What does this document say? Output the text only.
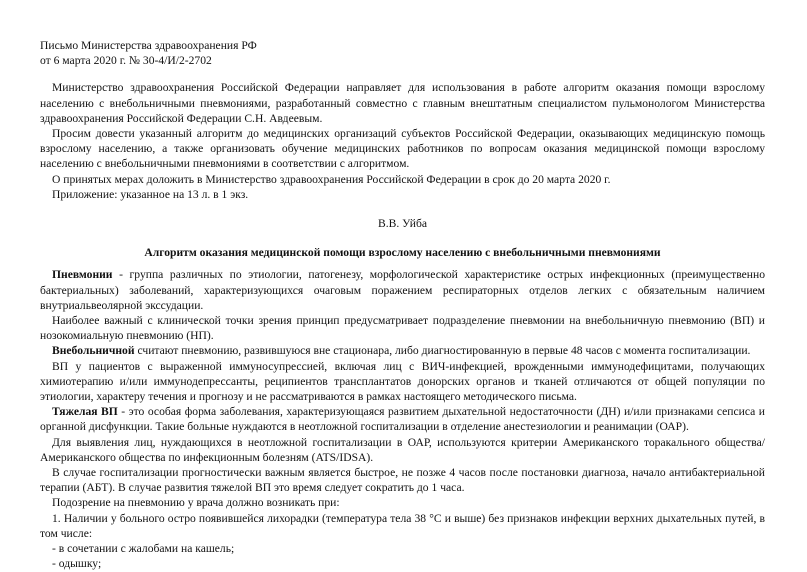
Письмо Министерства здравоохранения РФ

от 6 марта 2020 г. № 30-4/И/2-2702

Министерство здравоохранения Российской Федерации направляет для использования в работе алгоритм оказания помощи взрослому населению с внебольничными пневмониями, разработанный совместно с главным внештатным специалистом пульмонологом Министерства здравоохранения Российской Федерации С.Н. Авдеевым.

Просим довести указанный алгоритм до медицинских организаций субъектов Российской Федерации, оказывающих медицинскую помощь взрослому населению, а также организовать обучение медицинских работников по вопросам оказания медицинской помощи взрослому населению с внебольничными пневмониями в соответствии с алгоритмом.

О принятых мерах доложить в Министерство здравоохранения Российской Федерации в срок до 20 марта 2020 г.

Приложение: указанное на 13 л. в 1 экз.

В.В. Уйба

Алгоритм оказания медицинской помощи взрослому населению с внебольничными пневмониями

Пневмонии - группа различных по этиологии, патогенезу, морфологической характеристике острых инфекционных (преимущественно бактериальных) заболеваний, характеризующихся очаговым поражением респираторных отделов легких с обязательным наличием внутриальвеолярной экссудации.

Наиболее важный с клинической точки зрения принцип предусматривает подразделение пневмонии на внебольничную пневмонию (ВП) и нозокомиальную пневмонию (НП).

Внебольничной считают пневмонию, развившуюся вне стационара, либо диагностированную в первые 48 часов с момента госпитализации.

ВП у пациентов с выраженной иммуносупрессией, включая лиц с ВИЧ-инфекцией, врожденными иммунодефицитами, получающих химиотерапию и/или иммунодепрессанты, реципиентов трансплантатов донорских органов и тканей отличаются от общей популяции по этиологии, характеру течения и прогнозу и не рассматриваются в рамках настоящего методического письма.

Тяжелая ВП - это особая форма заболевания, характеризующаяся развитием дыхательной недостаточности (ДН) и/или признаками сепсиса и органной дисфункции. Такие больные нуждаются в неотложной госпитализации в отделение анестезиологии и реанимации (ОАР).

Для выявления лиц, нуждающихся в неотложной госпитализации в ОАР, используются критерии Американского торакального общества/Американского общества по инфекционным болезням (ATS/IDSA).

В случае госпитализации прогностически важным является быстрое, не позже 4 часов после постановки диагноза, начало антибактериальной терапии (АБТ). В случае развития тяжелой ВП это время следует сократить до 1 часа.

Подозрение на пневмонию у врача должно возникать при:

1. Наличии у больного остро появившейся лихорадки (температура тела 38 °С и выше) без признаков инфекции верхних дыхательных путей, в том числе:

- в сочетании с жалобами на кашель;

- одышку;
